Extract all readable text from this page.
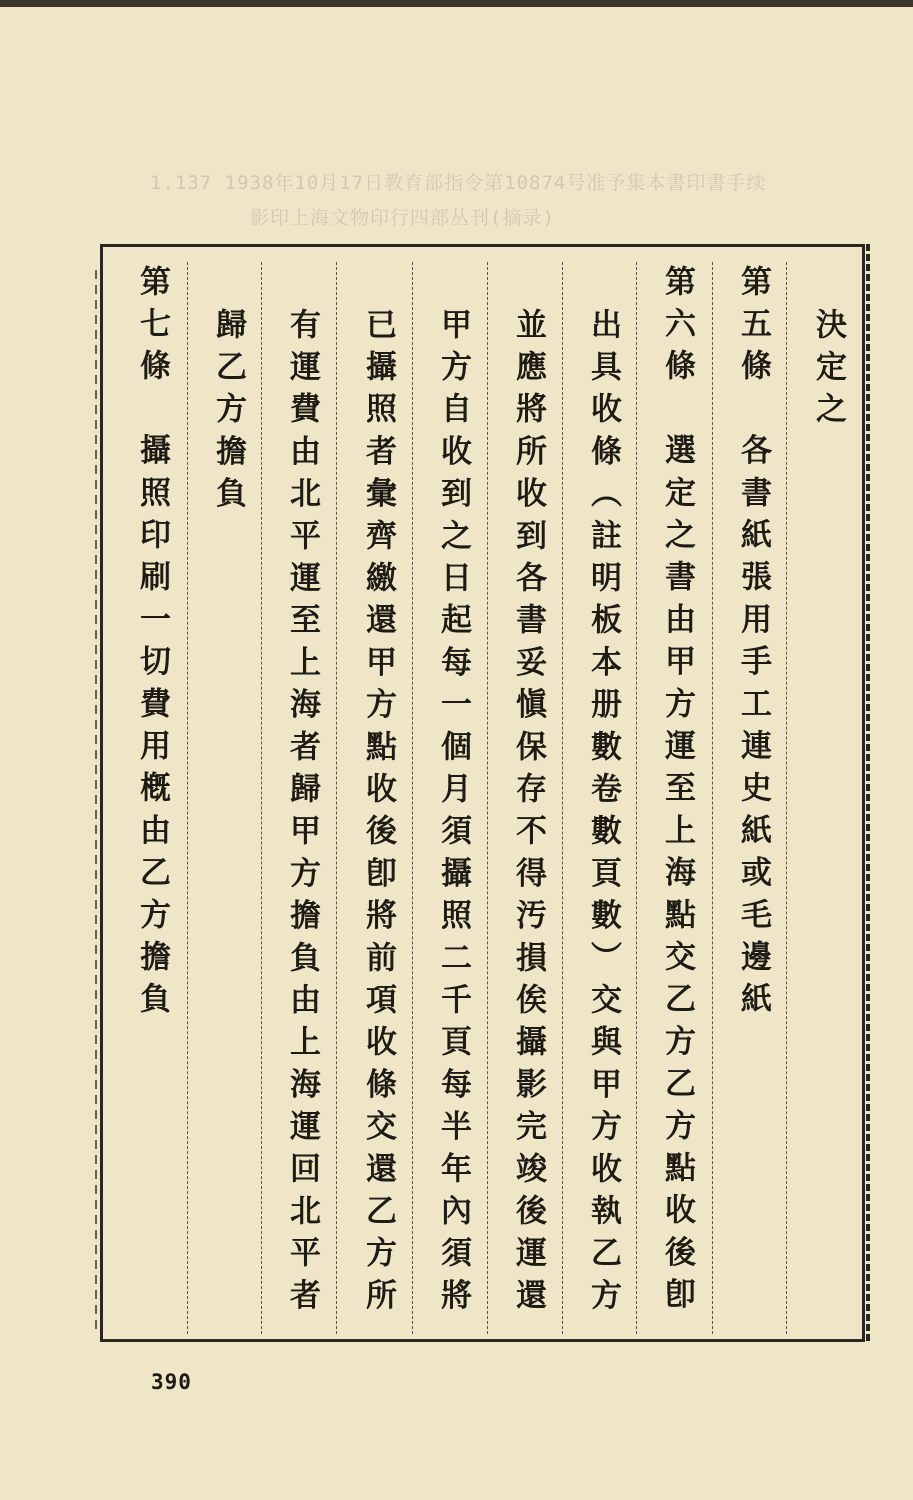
1.137 1938年10月17日教育部指令第10874号准予集本書印書手续
影印上海文物印行四部丛刊(摘录)
決定之
第五條　各書紙張用手工連史紙或毛邊紙
第六條　選定之書由甲方運至上海點交乙方乙方點收後卽
出具收條（註明板本册數卷數頁數）交與甲方收執乙方
並應將所收到各書妥愼保存不得汚損俟攝影完竣後運還
甲方自收到之日起每一個月須攝照二千頁每半年內須將
已攝照者彙齊繳還甲方點收後卽將前項收條交還乙方所
有運費由北平運至上海者歸甲方擔負由上海運回北平者
歸乙方擔負
第七條　攝照印刷一切費用槪由乙方擔負
390
